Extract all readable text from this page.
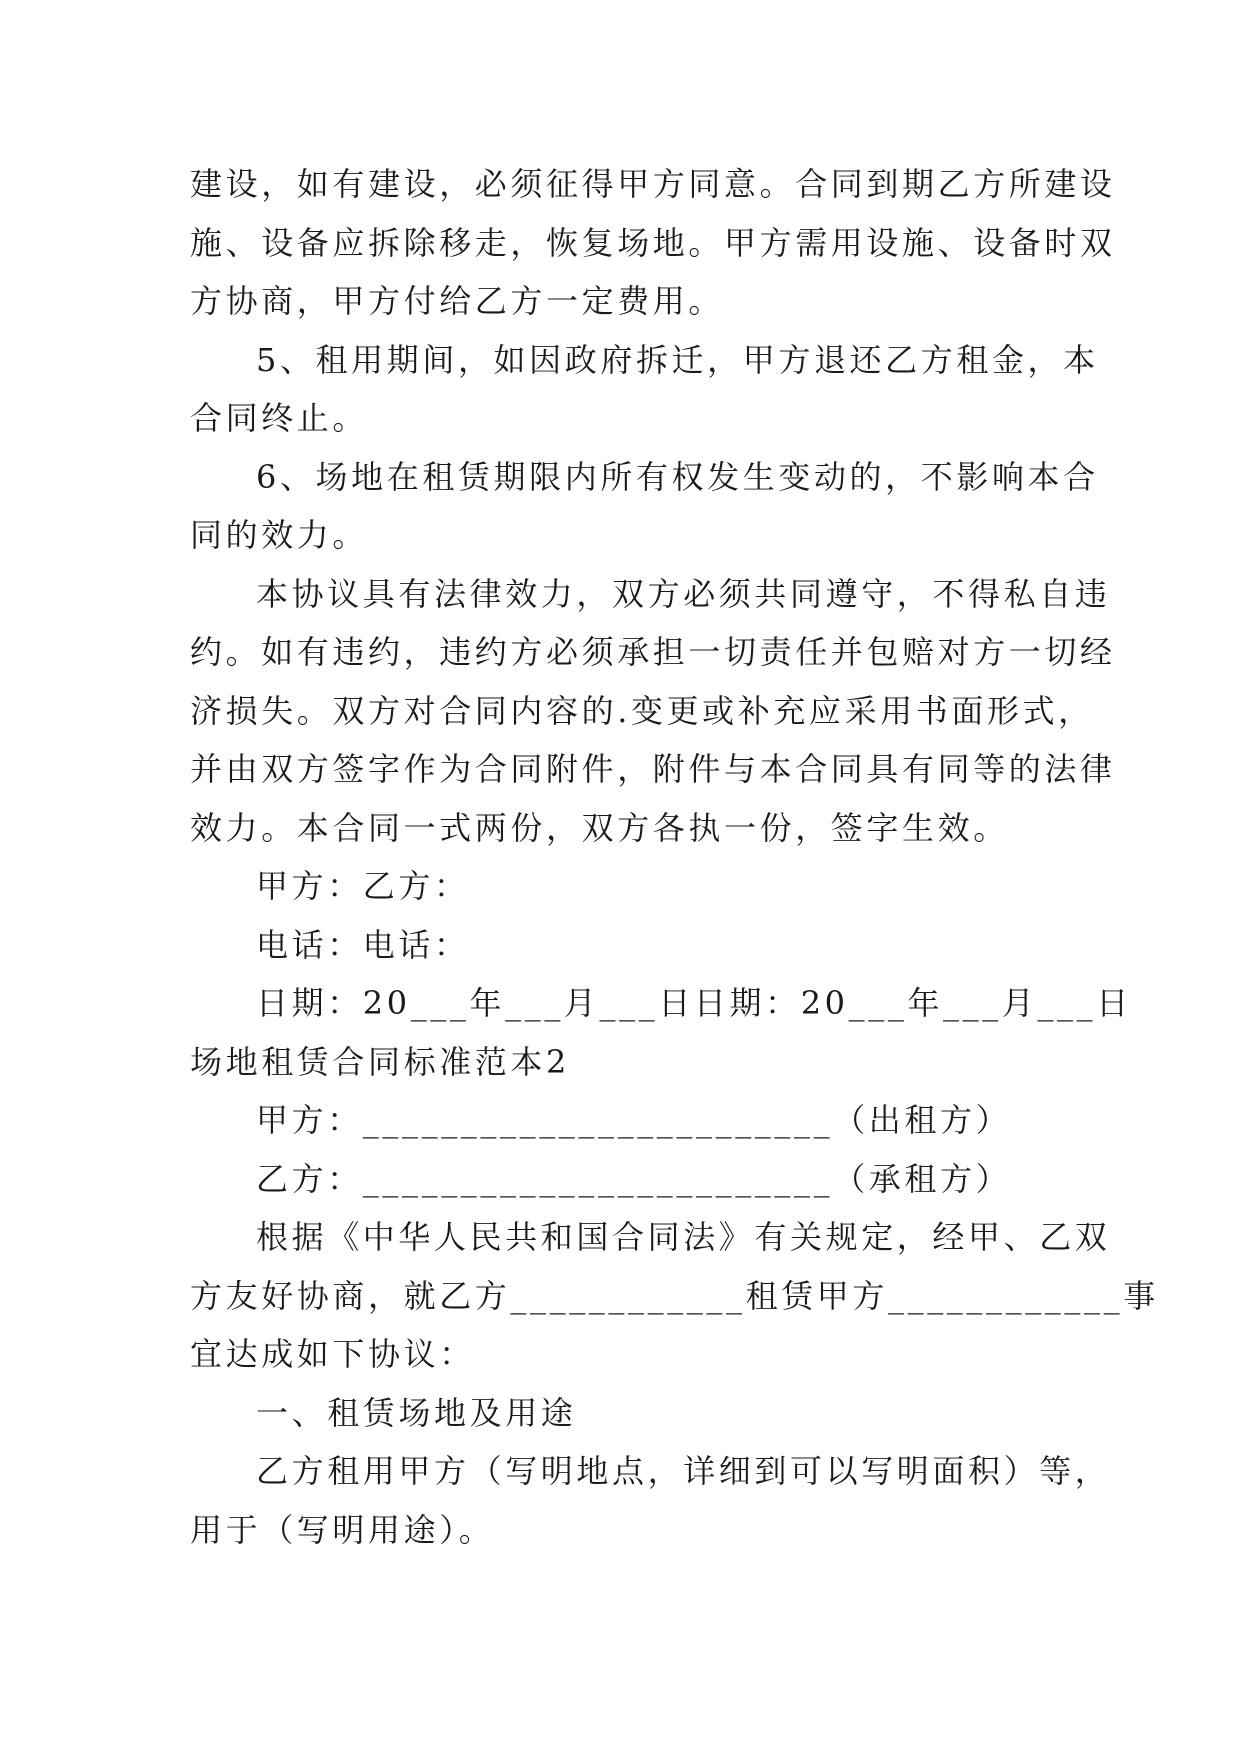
建设，如有建设，必须征得甲方同意。合同到期乙方所建设
施、设备应拆除移走，恢复场地。甲方需用设施、设备时双
方协商，甲方付给乙方一定费用。
5、租用期间，如因政府拆迁，甲方退还乙方租金，本
合同终止。
6、场地在租赁期限内所有权发生变动的，不影响本合
同的效力。
本协议具有法律效力，双方必须共同遵守，不得私自违
约。如有违约，违约方必须承担一切责任并包赔对方一切经
济损失。双方对合同内容的.变更或补充应采用书面形式，
并由双方签字作为合同附件，附件与本合同具有同等的法律
效力。本合同一式两份，双方各执一份，签字生效。
甲方：乙方：
电话：电话：
日期：20___年___月___日日期：20___年___月___日
场地租赁合同标准范本2
甲方：________________________（出租方）
乙方：________________________（承租方）
根据《中华人民共和国合同法》有关规定，经甲、乙双
方友好协商，就乙方____________租赁甲方____________事
宜达成如下协议：
一、租赁场地及用途
乙方租用甲方（写明地点，详细到可以写明面积）等，
用于（写明用途）。
